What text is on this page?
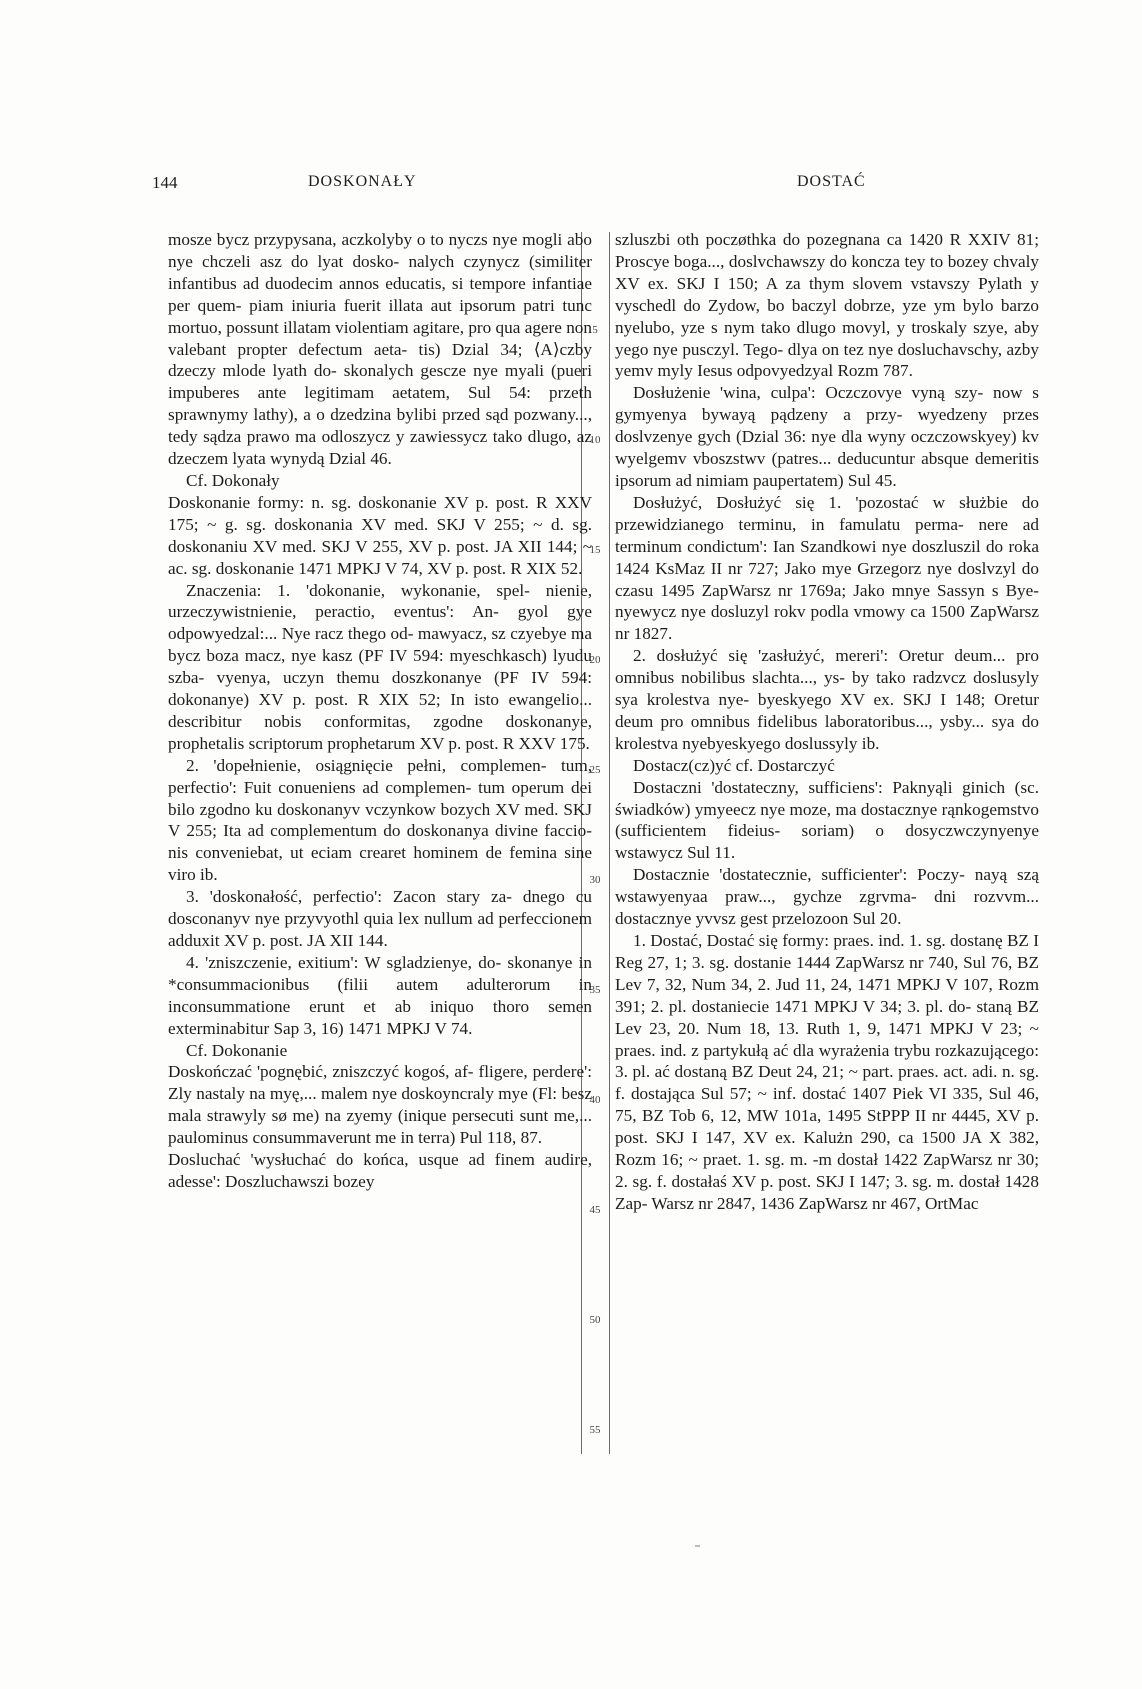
144	DOSKONAŁY	DOSTAĆ
5
10
15
20
25
30
35
40
45
50
55

mosze bycz przypysana, aczkolyby o to nyczs nye mogli abo nye chczeli asz do lyat dosko- nalych czynycz (similiter infantibus ad duodecim annos educatis, si tempore infantiae per quem- piam iniuria fuerit illata aut ipsorum patri tunc mortuo, possunt illatam violentiam agitare, pro qua agere non valebant propter defectum aeta- tis) Dzial 34; ⟨A⟩czby dzeczy mlode lyath do- skonalych gescze nye myali (pueri impuberes ante legitimam aetatem, Sul 54: przeth sprawnymy lathy), a o dzedzina bylibi przed sąd pozwany..., tedy sądza prawo ma odloszycz y zawiessycz tako dlugo, az dzeczem lyata wynydą Dzial 46.

Cf. Dokonały

Doskonanie formy: n. sg. doskonanie XV p. post. R XXV 175; ~ g. sg. doskonania XV med. SKJ V 255; ~ d. sg. doskonaniu XV med. SKJ V 255, XV p. post. JA XII 144; ~ ac. sg. doskonanie 1471 MPKJ V 74, XV p. post. R XIX 52.

Znaczenia: 1. 'dokonanie, wykonanie, spel- nienie, urzeczywistnienie, peractio, eventus': An- gyol gye odpowyedzal:... Nye racz thego od- mawyacz, sz czyebye ma bycz boza macz, nye kasz (PF IV 594: myeschkasch) lyudu szba- vyenya, uczyn themu doszkonanye (PF IV 594: dokonanye) XV p. post. R XIX 52; In isto ewangelio... describitur nobis conformitas, zgodne doskonanye, prophetalis scriptorum prophetarum XV p. post. R XXV 175.

2. 'dopełnienie, osiągnięcie pełni, complemen- tum, perfectio': Fuit conueniens ad complemen- tum operum dei bilo zgodno ku doskonanyv vczynkow bozych XV med. SKJ V 255; Ita ad complementum do doskonanya divine faccio- nis conveniebat, ut eciam crearet hominem de femina sine viro ib.

3. 'doskonałość, perfectio': Zacon stary za- dnego cu dosconanyv nye przyvyothl quia lex nullum ad perfeccionem adduxit XV p. post. JA XII 144.

4. 'zniszczenie, exitium': W sgladzienye, do- skonanye in *consummacionibus (filii autem adulterorum in inconsummatione erunt et ab iniquo thoro semen exterminabitur Sap 3, 16) 1471 MPKJ V 74.

Cf. Dokonanie

Doskończać 'pognębić, zniszczyć kogoś, af- fligere, perdere': Zly nastaly na myę,... malem nye doskoyncraly mye (Fl: besz mala strawyly sø me) na zyemy (inique persecuti sunt me,... paulominus consummaverunt me in terra) Pul 118, 87.

Dosluchać 'wysłuchać do końca, usque ad finem audire, adesse': Doszluchawszi bozey

szluszbi oth poczøthka do pozegnana ca 1420 R XXIV 81; Proscye boga..., doslvchawszy do koncza tey to bozey chvaly XV ex. SKJ I 150; A za thym slovem vstavszy Pylath y vyschedl do Zydow, bo baczyl dobrze, yze ym bylo barzo nyelubo, yze s nym tako dlugo movyl, y troskaly szye, aby yego nye pusczyl. Tego- dlya on tez nye dosluchavschy, azby yemv myly Iesus odpovyedzyal Rozm 787.

Dosłużenie 'wina, culpa': Oczczovye vyną szy- now s gymyenya bywayą pądzeny a przy- wyedzeny przes doslvzenye gych (Dzial 36: nye dla wyny oczczowskyey) kv wyelgemv vboszstwv (patres... deducuntur absque demeritis ipsorum ad nimiam paupertatem) Sul 45.

Dosłużyć, Dosłużyć się 1. 'pozostać w służbie do przewidzianego terminu, in famulatu perma- nere ad terminum condictum': Ian Szandkowi nye doszluszil do roka 1424 KsMaz II nr 727; Jako mye Grzegorz nye doslvzyl do czasu 1495 ZapWarsz nr 1769a; Jako mnye Sassyn s Bye- nyewycz nye dosluzyl rokv podla vmowy ca 1500 ZapWarsz nr 1827.

2. dosłużyć się 'zasłużyć, mereri': Oretur deum... pro omnibus nobilibus slachta..., ys- by tako radzvcz doslusyly sya krolestva nye- byeskyego XV ex. SKJ I 148; Oretur deum pro omnibus fidelibus laboratoribus..., ysby... sya do krolestva nyebyeskyego doslussyly ib.

Dostacz(cz)yć cf. Dostarczyć

Dostaczni 'dostateczny, sufficiens': Paknyąli ginich (sc. świadków) ymyeecz nye moze, ma dostacznye rąnkogemstvo (sufficientem fideius- soriam) o dosyczwczynyenye wstawycz Sul 11.

Dostacznie 'dostatecznie, sufficienter': Poczy- nayą szą wstawyenyaa praw..., gychze zgrvma- dni rozvvm... dostacznye yvvsz gest przelozoon Sul 20.

1. Dostać, Dostać się formy: praes. ind. 1. sg. dostanę BZ I Reg 27, 1; 3. sg. dostanie 1444 ZapWarsz nr 740, Sul 76, BZ Lev 7, 32, Num 34, 2. Jud 11, 24, 1471 MPKJ V 107, Rozm 391; 2. pl. dostaniecie 1471 MPKJ V 34; 3. pl. do- staną BZ Lev 23, 20. Num 18, 13. Ruth 1, 9, 1471 MPKJ V 23; ~ praes. ind. z partykułą ać dla wyrażenia trybu rozkazującego: 3. pl. ać dostaną BZ Deut 24, 21; ~ part. praes. act. adi. n. sg. f. dostająca Sul 57; ~ inf. dostać 1407 Piek VI 335, Sul 46, 75, BZ Tob 6, 12, MW 101a, 1495 StPPP II nr 4445, XV p. post. SKJ I 147, XV ex. Kalużn 290, ca 1500 JA X 382, Rozm 16; ~ praet. 1. sg. m. -m dostał 1422 ZapWarsz nr 30; 2. sg. f. dostałaś XV p. post. SKJ I 147; 3. sg. m. dostał 1428 Zap- Warsz nr 2847, 1436 ZapWarsz nr 467, OrtMac
